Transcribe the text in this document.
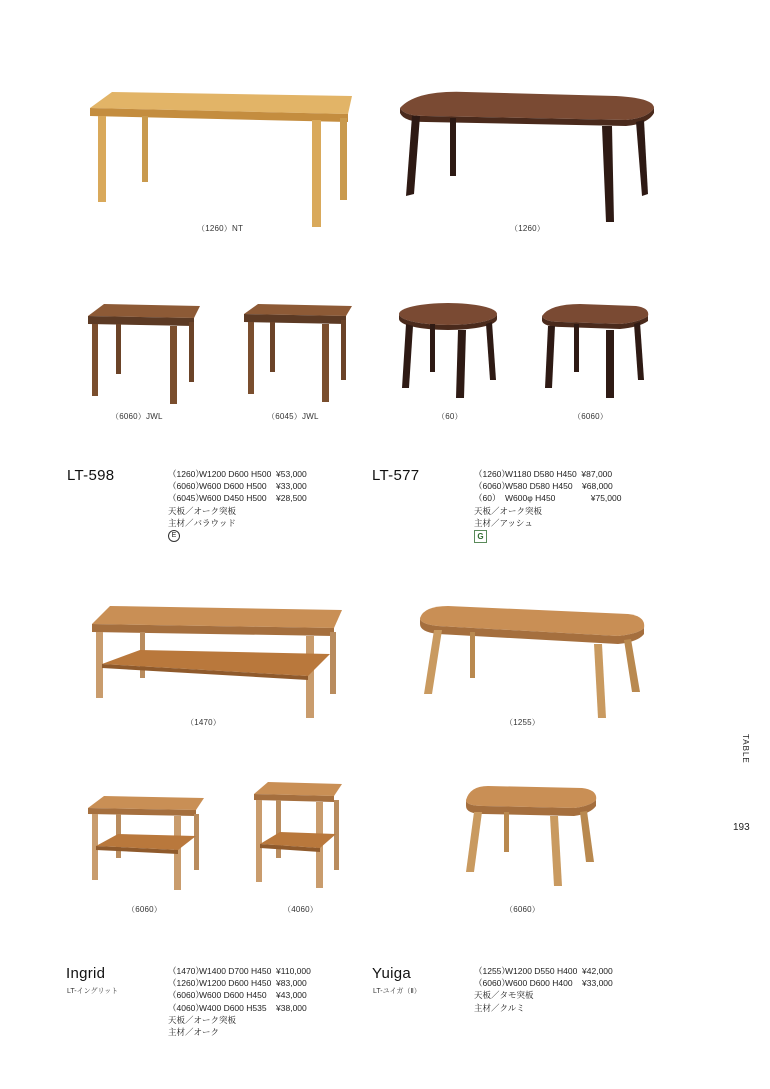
（1260）NT	（1260）
（6060）JWL	（6045）JWL	（60）	（6060）
（1470）	（1255）
（6060）	（4060）	（6060）
LT-598	（1260）W1200 D600 H500 ¥53,000
（6060）W600 D600 H500 ¥33,000
（6045）W600 D450 H500 ¥28,500
天板／オーク突板
主材／バラウッド
E
LT-577	（1260）W1180 D580 H450 ¥87,000
（6060）W580 D580 H450 ¥68,000
（60） W600φ H450	¥75,000
天板／オーク突板
主材／アッシュ
G
Ingrid
LT-イングリット
（1470）W1400 D700 H450 ¥110,000
（1260）W1200 D600 H450 ¥83,000
（6060）W600 D600 H450 ¥43,000
（4060）W400 D600 H535 ¥38,000
天板／オーク突板
主材／オーク
Yuiga
LT-ユイガ（Ⅱ）
（1255）W1200 D550 H400 ¥42,000
（6060）W600 D600 H400 ¥33,000
天板／タモ突板
主材／クルミ
TABLE
193
